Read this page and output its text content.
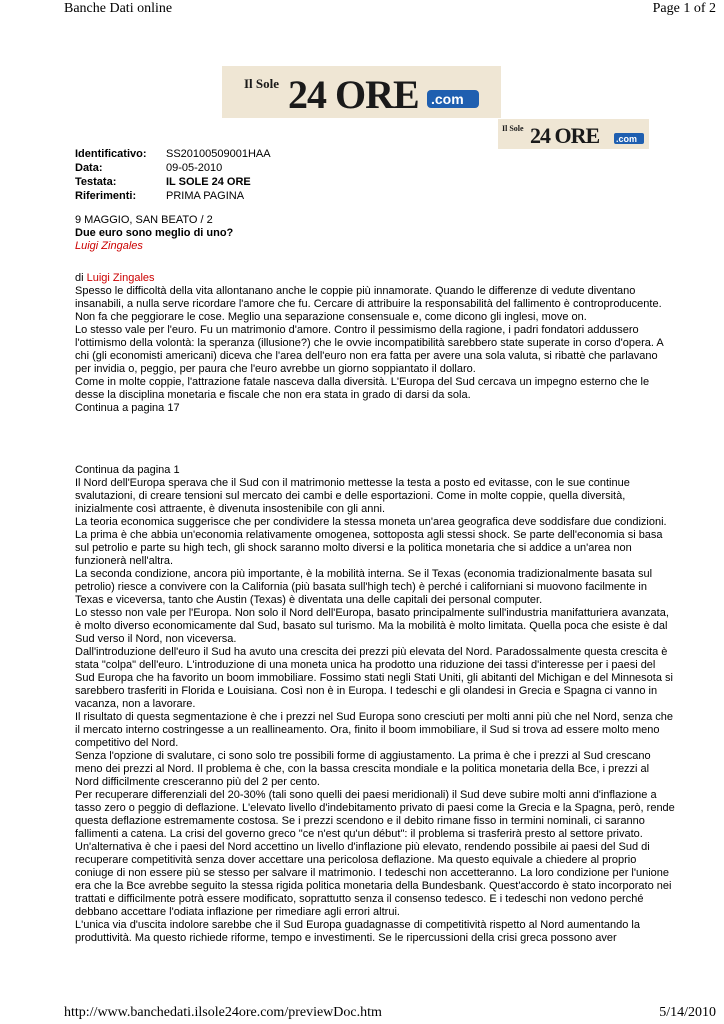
Banche Dati online	Page 1 of 2
Il Sole 24 ORE .com
Il Sole 24 ORE .com
Identificativo:	SS20100509001HAA
Data:	09-05-2010
Testata:	IL SOLE 24 ORE
Riferimenti:	PRIMA PAGINA
9 MAGGIO, SAN BEATO / 2
Due euro sono meglio di uno?
Luigi Zingales

di Luigi Zingales

Spesso le difficoltà della vita allontanano anche le coppie più innamorate. Quando le differenze di vedute diventano insanabili, a nulla serve ricordare l'amore che fu. Cercare di attribuire la responsabilità del fallimento è controproducente. Non fa che peggiorare le cose. Meglio una separazione consensuale e, come dicono gli inglesi, move on.

Lo stesso vale per l'euro. Fu un matrimonio d'amore. Contro il pessimismo della ragione, i padri fondatori addussero l'ottimismo della volontà: la speranza (illusione?) che le ovvie incompatibilità sarebbero state superate in corso d'opera. A chi (gli economisti americani) diceva che l'area dell'euro non era fatta per avere una sola valuta, si ribattè che parlavano per invidia o, peggio, per paura che l'euro avrebbe un giorno soppiantato il dollaro.

Come in molte coppie, l'attrazione fatale nasceva dalla diversità. L'Europa del Sud cercava un impegno esterno che le desse la disciplina monetaria e fiscale che non era stata in grado di darsi da sola.

Continua a pagina 17

Continua da pagina 1

Il Nord dell'Europa sperava che il Sud con il matrimonio mettesse la testa a posto ed evitasse, con le sue continue svalutazioni, di creare tensioni sul mercato dei cambi e delle esportazioni. Come in molte coppie, quella diversità, inizialmente così attraente, è divenuta insostenibile con gli anni.

La teoria economica suggerisce che per condividere la stessa moneta un'area geografica deve soddisfare due condizioni. La prima è che abbia un'economia relativamente omogenea, sottoposta agli stessi shock. Se parte dell'economia si basa sul petrolio e parte su high tech, gli shock saranno molto diversi e la politica monetaria che si addice a un'area non funzionerà nell'altra.

La seconda condizione, ancora più importante, è la mobilità interna. Se il Texas (economia tradizionalmente basata sul petrolio) riesce a convivere con la California (più basata sull'high tech) è perché i californiani si muovono facilmente in Texas e viceversa, tanto che Austin (Texas) è diventata una delle capitali dei personal computer.

Lo stesso non vale per l'Europa. Non solo il Nord dell'Europa, basato principalmente sull'industria manifatturiera avanzata, è molto diverso economicamente dal Sud, basato sul turismo. Ma la mobilità è molto limitata. Quella poca che esiste è dal Sud verso il Nord, non viceversa.

Dall'introduzione dell'euro il Sud ha avuto una crescita dei prezzi più elevata del Nord. Paradossalmente questa crescita è stata "colpa" dell'euro. L'introduzione di una moneta unica ha prodotto una riduzione dei tassi d'interesse per i paesi del Sud Europa che ha favorito un boom immobiliare. Fossimo stati negli Stati Uniti, gli abitanti del Michigan e del Minnesota si sarebbero trasferiti in Florida e Louisiana. Così non è in Europa. I tedeschi e gli olandesi in Grecia e Spagna ci vanno in vacanza, non a lavorare.

Il risultato di questa segmentazione è che i prezzi nel Sud Europa sono cresciuti per molti anni più che nel Nord, senza che il mercato interno costringesse a un reallineamento. Ora, finito il boom immobiliare, il Sud si trova ad essere molto meno competitivo del Nord.

Senza l'opzione di svalutare, ci sono solo tre possibili forme di aggiustamento. La prima è che i prezzi al Sud crescano meno dei prezzi al Nord. Il problema è che, con la bassa crescita mondiale e la politica monetaria della Bce, i prezzi al Nord difficilmente cresceranno più del 2 per cento.

Per recuperare differenziali del 20-30% (tali sono quelli dei paesi meridionali) il Sud deve subire molti anni d'inflazione a tasso zero o peggio di deflazione. L'elevato livello d'indebitamento privato di paesi come la Grecia e la Spagna, però, rende questa deflazione estremamente costosa. Se i prezzi scendono e il debito rimane fisso in termini nominali, ci saranno fallimenti a catena. La crisi del governo greco "ce n'est qu'un début": il problema si trasferirà presto al settore privato.

Un'alternativa è che i paesi del Nord accettino un livello d'inflazione più elevato, rendendo possibile ai paesi del Sud di recuperare competitività senza dover accettare una pericolosa deflazione. Ma questo equivale a chiedere al proprio coniuge di non essere più se stesso per salvare il matrimonio. I tedeschi non accetteranno. La loro condizione per l'unione era che la Bce avrebbe seguito la stessa rigida politica monetaria della Bundesbank. Quest'accordo è stato incorporato nei trattati e difficilmente potrà essere modificato, soprattutto senza il consenso tedesco. E i tedeschi non vedono perché debbano accettare l'odiata inflazione per rimediare agli errori altrui.

L'unica via d'uscita indolore sarebbe che il Sud Europa guadagnasse di competitività rispetto al Nord aumentando la produttività. Ma questo richiede riforme, tempo e investimenti. Se le ripercussioni della crisi greca possono aver

http://www.banchedati.ilsole24ore.com/previewDoc.htm	5/14/2010
